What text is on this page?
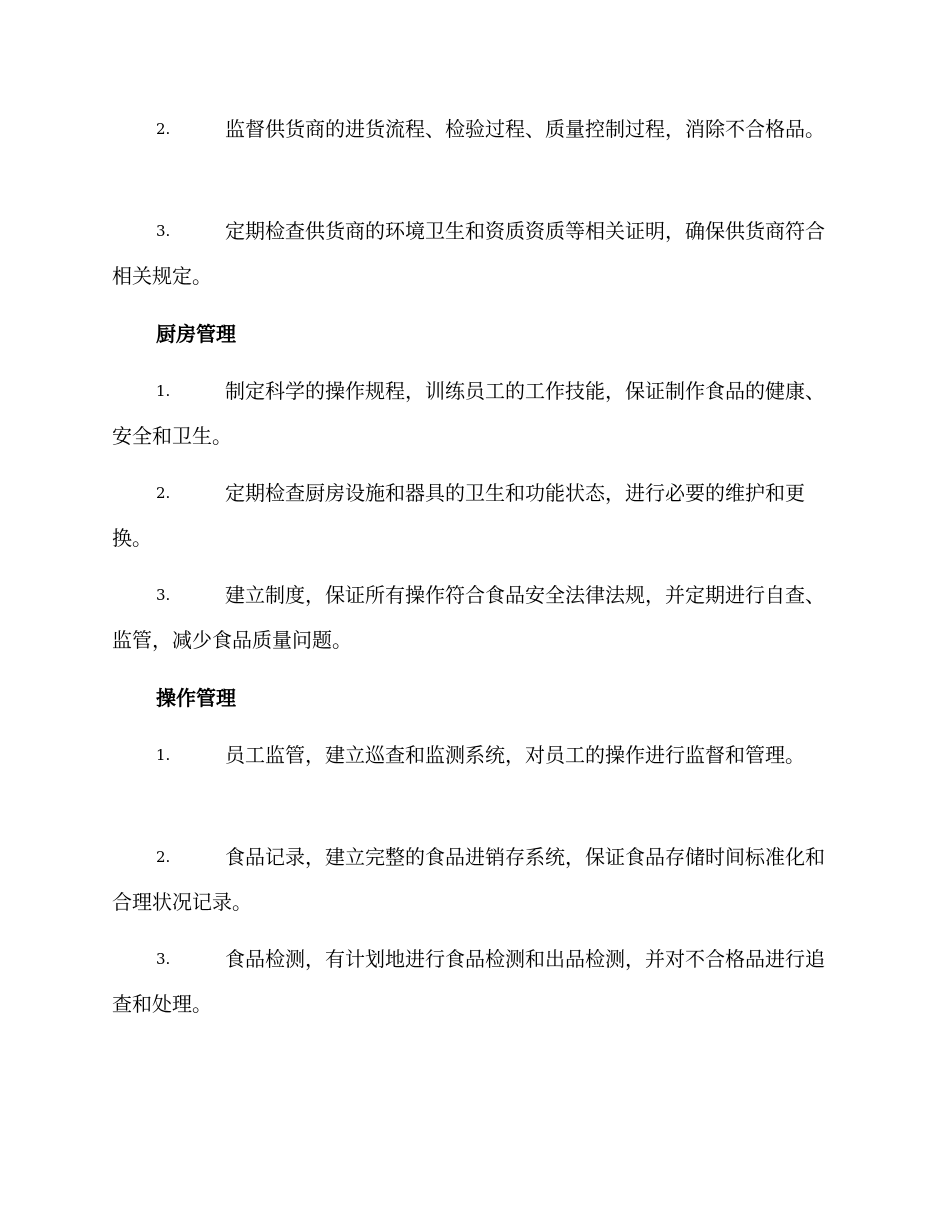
2.	监督供货商的进货流程、检验过程、质量控制过程，消除不合格品。

3.	定期检查供货商的环境卫生和资质资质等相关证明，确保供货商符合相关规定。

厨房管理

1.	制定科学的操作规程，训练员工的工作技能，保证制作食品的健康、安全和卫生。

2.	定期检查厨房设施和器具的卫生和功能状态，进行必要的维护和更换。

3.	建立制度，保证所有操作符合食品安全法律法规，并定期进行自查、监管，减少食品质量问题。

操作管理

1.	员工监管，建立巡查和监测系统，对员工的操作进行监督和管理。

2.	食品记录，建立完整的食品进销存系统，保证食品存储时间标准化和合理状况记录。

3.	食品检测，有计划地进行食品检测和出品检测，并对不合格品进行追查和处理。
